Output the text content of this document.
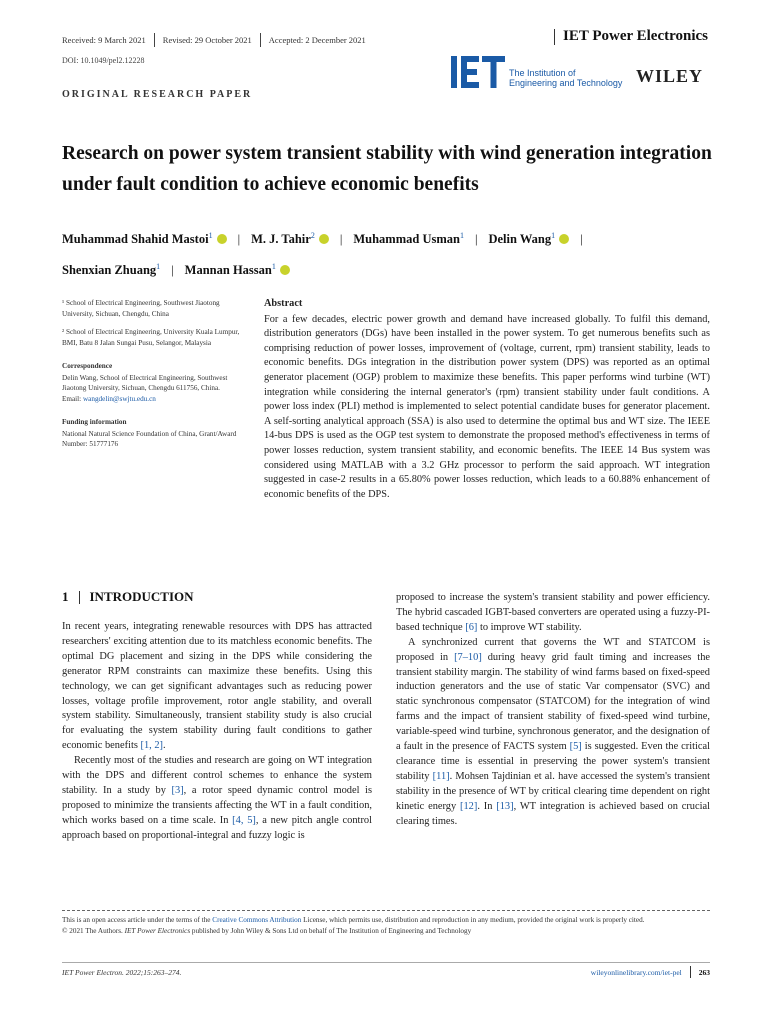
Received: 9 March 2021 Revised: 29 October 2021 Accepted: 2 December 2021	IET Power Electronics
DOI: 10.1049/pel2.12228
The Institution of
Engineering and Technology WILEY
ORIGINAL RESEARCH PAPER
Research on power system transient stability with wind generation integration under fault condition to achieve economic benefits
Muhammad Shahid Mastoi$^1$ | M. J. Tahir$^2$ | Muhammad Usman$^1$ | Delin Wang$^1$ |
Shenxian Zhuang$^1$ | Mannan Hassan$^1$

¹ School of Electrical Engineering, Southwest Jiaotong University, Sichuan, Chengdu, China

² School of Electrical Engineering, University Kuala Lumpur, BMI, Batu 8 Jalan Sungai Pusu, Selangor, Malaysia

Correspondence
Delin Wang, School of Electrical Engineering, Southwest Jiaotong University, Sichuan, Chengdu 611756, China.
Email: wangdelin@swjtu.edu.cn
Funding information
National Natural Science Foundation of China, Grant/Award Number: 51777176
Abstract
For a few decades, electric power growth and demand have increased globally. To fulfil this demand, distribution generators (DGs) have been installed in the power system. To get numerous benefits such as comprising reduction of power losses, improvement of (voltage, current, rpm) transient stability, leads to economic benefits. DGs integration in the distribution power system (DPS) was reported as an optimal generator placement (OGP) problem to maximize these benefits. This paper performs wind turbine (WT) integration while considering the internal generator's (rpm) transient stability under fault conditions. A power loss index (PLI) method is implemented to select potential candidate buses for generator placement. A self-sorting analytical approach (SSA) is also used to determine the optimal bus and WT size. The IEEE 14-bus DPS is used as the OGP test system to demonstrate the proposed method's effectiveness in terms of power losses reduction, system transient stability, and economic benefits. The IEEE 14 Bus system was considered using MATLAB with a 3.2 GHz processor to perform the said approach. WT integration suggested in case-2 results in a 65.80% power losses reduction, which leads to a 60.88% enhancement of economic benefits of the DPS.
1 INTRODUCTION

In recent years, integrating renewable resources with DPS has attracted researchers' exciting attention due to its matchless economic benefits. The optimal DG placement and sizing in the DPS while considering the generator RPM constraints can maximize these benefits. Using this technology, we can get significant advantages such as reducing power losses, voltage profile improvement, rotor angle stability, and overall system stability. Simultaneously, transient stability study is also crucial for evaluating the system stability during fault conditions to gather economic benefits [1, 2].

Recently most of the studies and research are going on WT integration with the DPS and different control schemes to enhance the system stability. In a study by [3], a rotor speed dynamic control model is proposed to minimize the transients affecting the WT in a fault condition, which works based on a time scale. In [4, 5], a new pitch angle control approach based on proportional-integral and fuzzy logic is

proposed to increase the system's transient stability and power efficiency. The hybrid cascaded IGBT-based converters are operated using a fuzzy-PI-based technique [6] to improve WT stability.

A synchronized current that governs the WT and STATCOM is proposed in [7–10] during heavy grid fault timing and increases the transient stability margin. The stability of wind farms based on fixed-speed induction generators and the use of static Var compensator (SVC) and static synchronous compensator (STATCOM) for the integration of wind farms and the impact of transient stability of fixed-speed wind turbine, variable-speed wind turbine, synchronous generator, and the designation of a fault in the presence of FACTS system [5] is suggested. Even the critical clearance time is essential in preserving the power system's transient stability [11]. Mohsen Tajdinian et al. have accessed the system's transient stability in the presence of WT by critical clearing time dependent on right kinetic energy [12]. In [13], WT integration is achieved based on crucial clearing times.

This is an open access article under the terms of the Creative Commons Attribution License, which permits use, distribution and reproduction in any medium, provided the original work is properly cited.
© 2021 The Authors. IET Power Electronics published by John Wiley & Sons Ltd on behalf of The Institution of Engineering and Technology
IET Power Electron. 2022;15:263–274.	wileyonlinelibrary.com/iet-pel 263
